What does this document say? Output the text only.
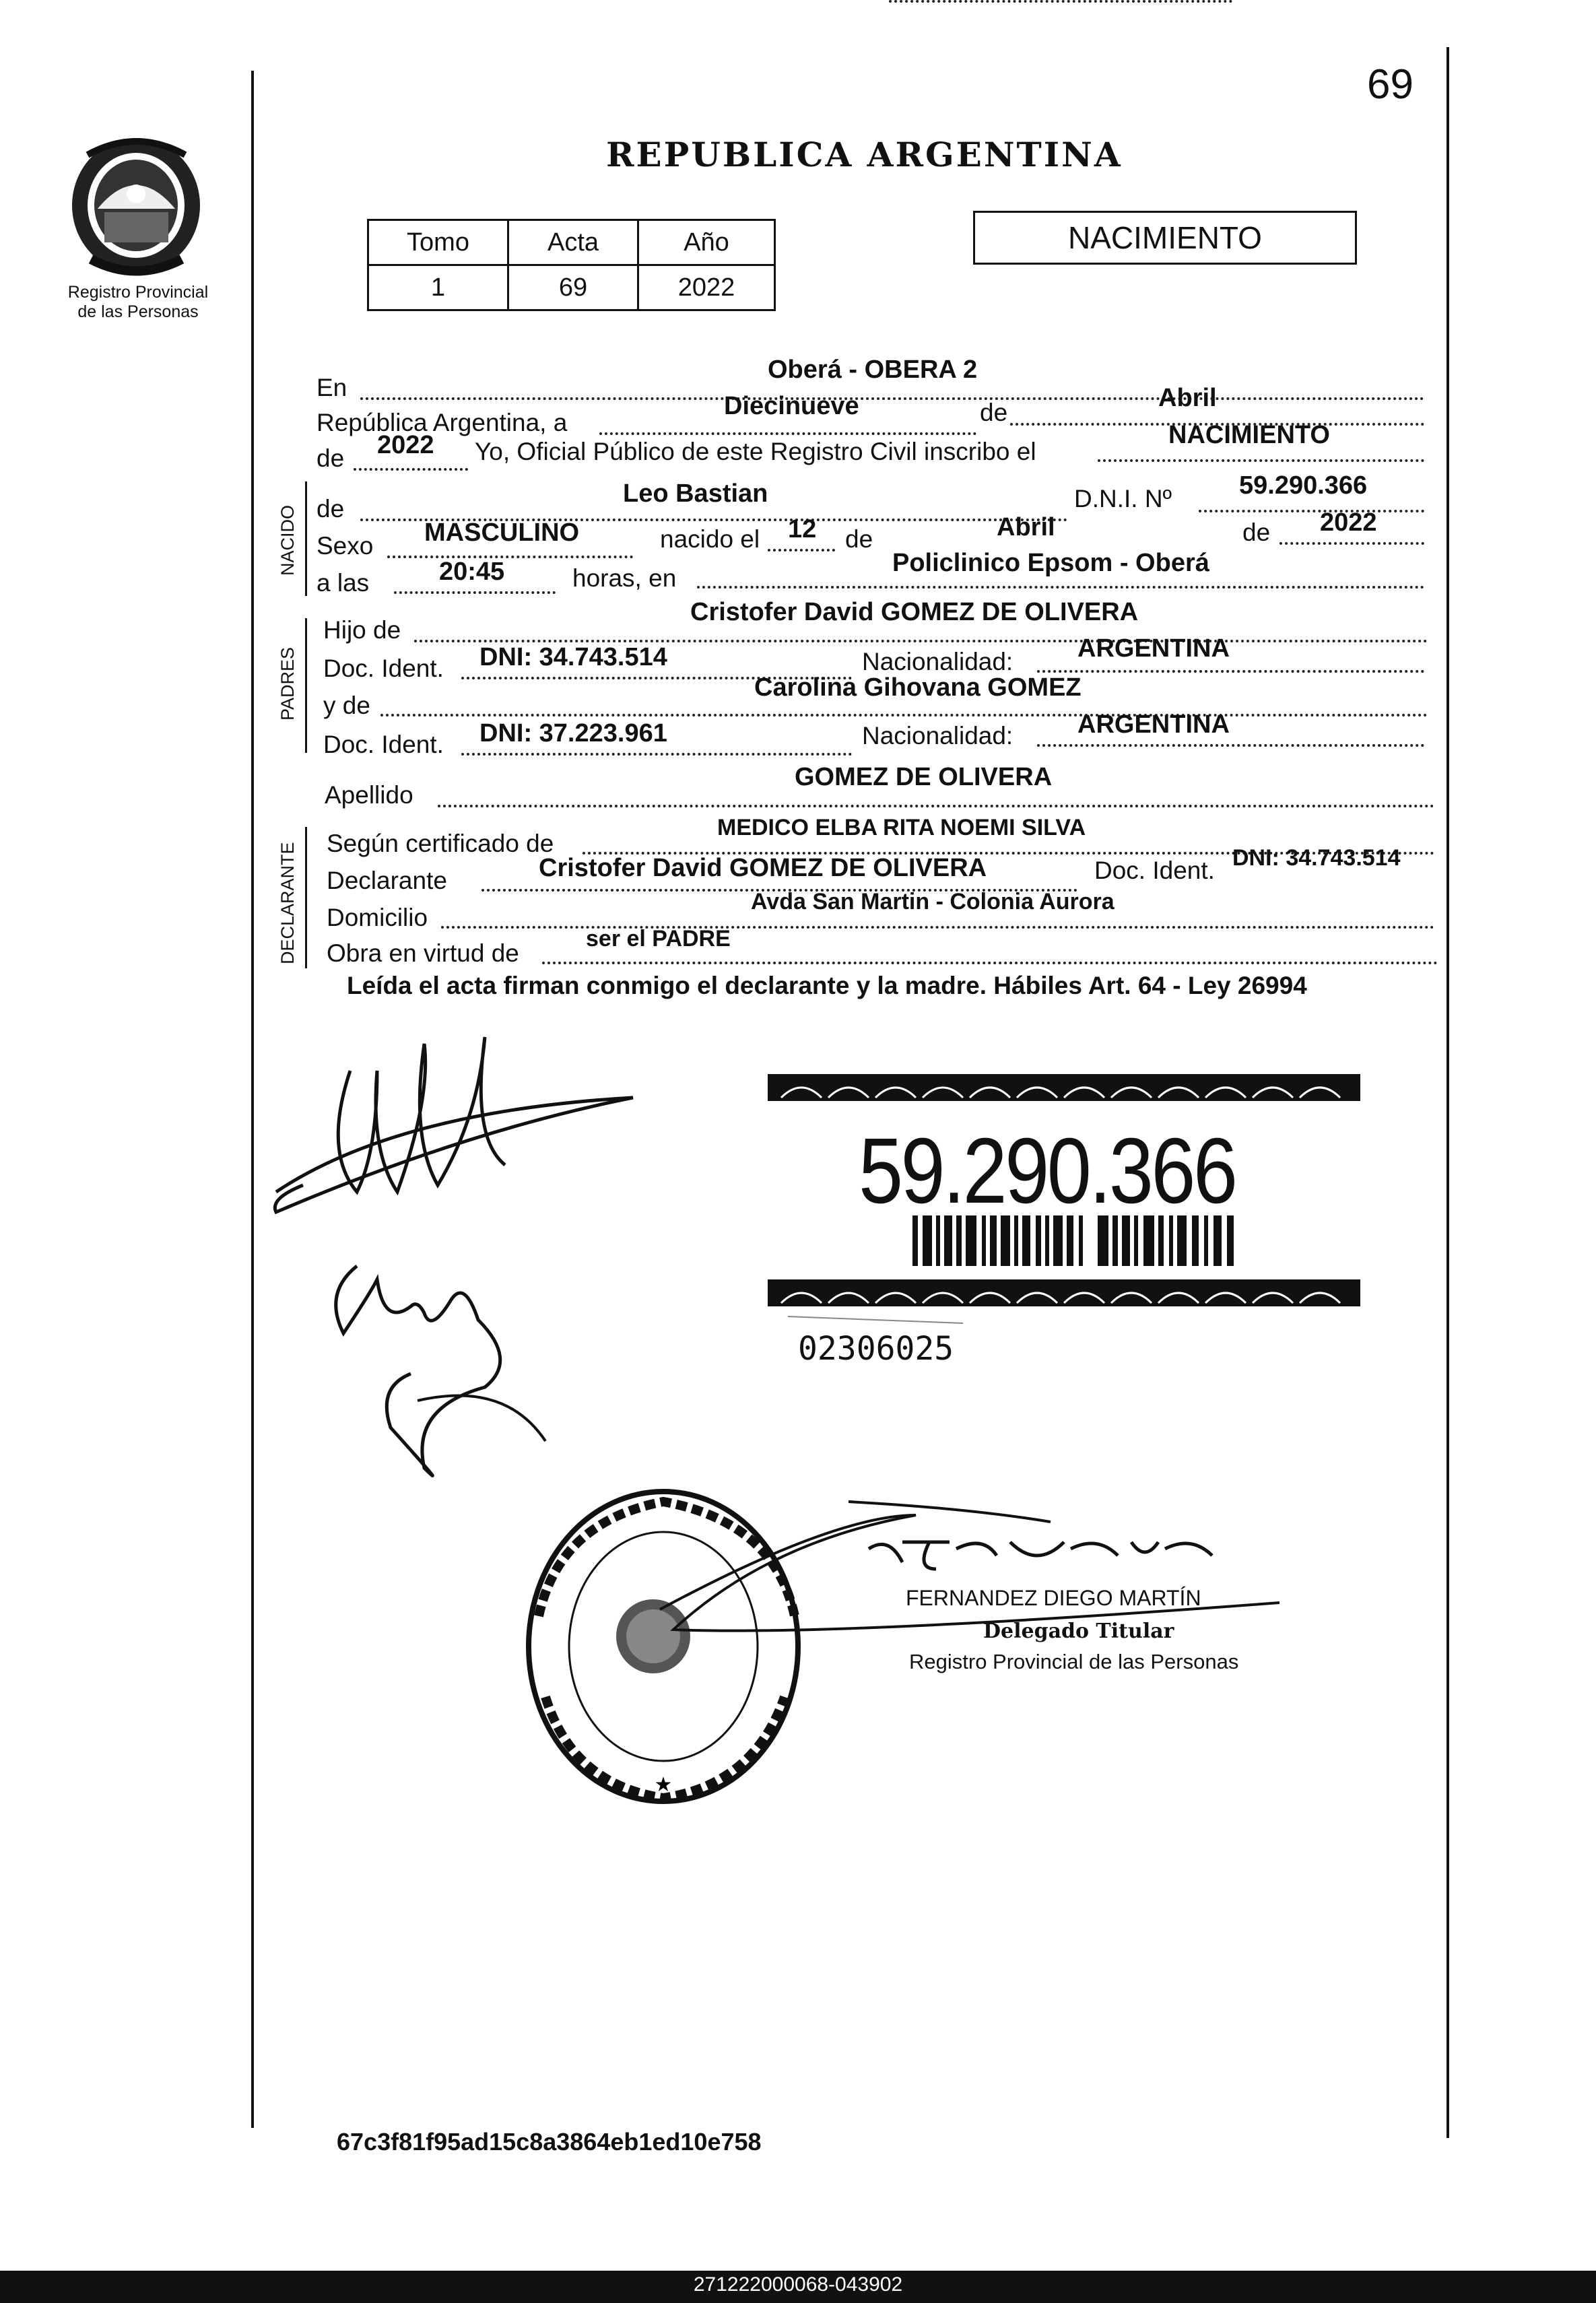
69
Registro Provincial
de las Personas
REPUBLICA ARGENTINA
Tomo	Acta	Año
1	69	2022
NACIMIENTO
NACIDO
PADRES
DECLARANTE
En
Oberá - OBERA 2
República Argentina, a
Diecinueve	de
Abril
de 2022 Yo, Oficial Público de este Registro Civil inscribo el
NACIMIENTO
de
Leo Bastian	D.N.I. Nº	59.290.366
Sexo MASCULINO	nacido el 12 de	Abril	de 2022
a las	20:45	horas, en
Policlinico Epsom - Oberá
Hijo de
Cristofer David GOMEZ DE OLIVERA
Doc. Ident. DNI: 34.743.514	Nacionalidad:	ARGENTINA
y de
Carolina Gihovana GOMEZ
Doc. Ident. DNI: 37.223.961	Nacionalidad:	ARGENTINA
Apellido
GOMEZ DE OLIVERA
Según certificado de
MEDICO ELBA RITA NOEMI SILVA
Declarante	Cristofer David GOMEZ DE OLIVERA	Doc. Ident. DNI: 34.743.514
Domicilio
Avda San Martin - Colonia Aurora
Obra en virtud de
ser el PADRE
Leída el acta firman conmigo el declarante y la madre. Hábiles Art. 64 - Ley 26994
59.290.366
02306025
★
FERNANDEZ DIEGO MARTÍN
Delegado Titular
Registro Provincial de las Personas
67c3f81f95ad15c8a3864eb1ed10e758
271222000068-043902
